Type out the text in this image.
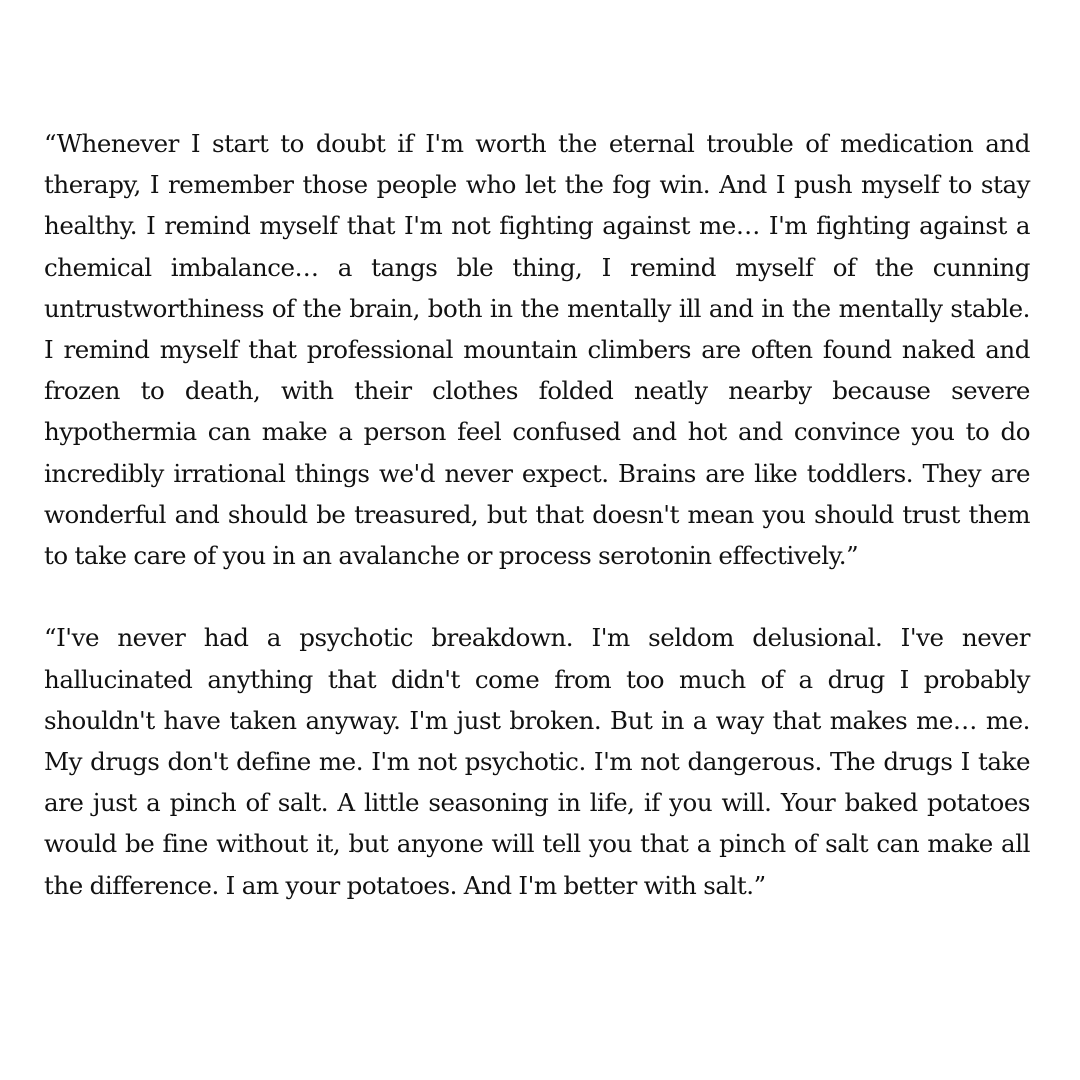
“Whenever I start to doubt if I'm worth the eternal trouble of medication and therapy, I remember those people who let the fog win. And I push myself to stay healthy. I remind myself that I'm not fighting against me… I'm fighting against a chemical imbalance… a tangs ble thing, I remind myself of the cunning untrustworthiness of the brain, both in the mentally ill and in the mentally stable. I remind myself that professional mountain climbers are often found naked and frozen to death, with their clothes folded neatly nearby because severe hypothermia can make a person feel confused and hot and convince you to do incredibly irrational things we'd never expect. Brains are like toddlers. They are wonderful and should be treasured, but that doesn't mean you should trust them to take care of you in an avalanche or process serotonin effectively.”

“I've never had a psychotic breakdown. I'm seldom delusional. I've never hallucinated anything that didn't come from too much of a drug I probably shouldn't have taken anyway. I'm just broken. But in a way that makes me… me. My drugs don't define me. I'm not psychotic. I'm not dangerous. The drugs I take are just a pinch of salt. A little seasoning in life, if you will. Your baked potatoes would be fine without it, but anyone will tell you that a pinch of salt can make all the difference. I am your potatoes. And I'm better with salt.”
